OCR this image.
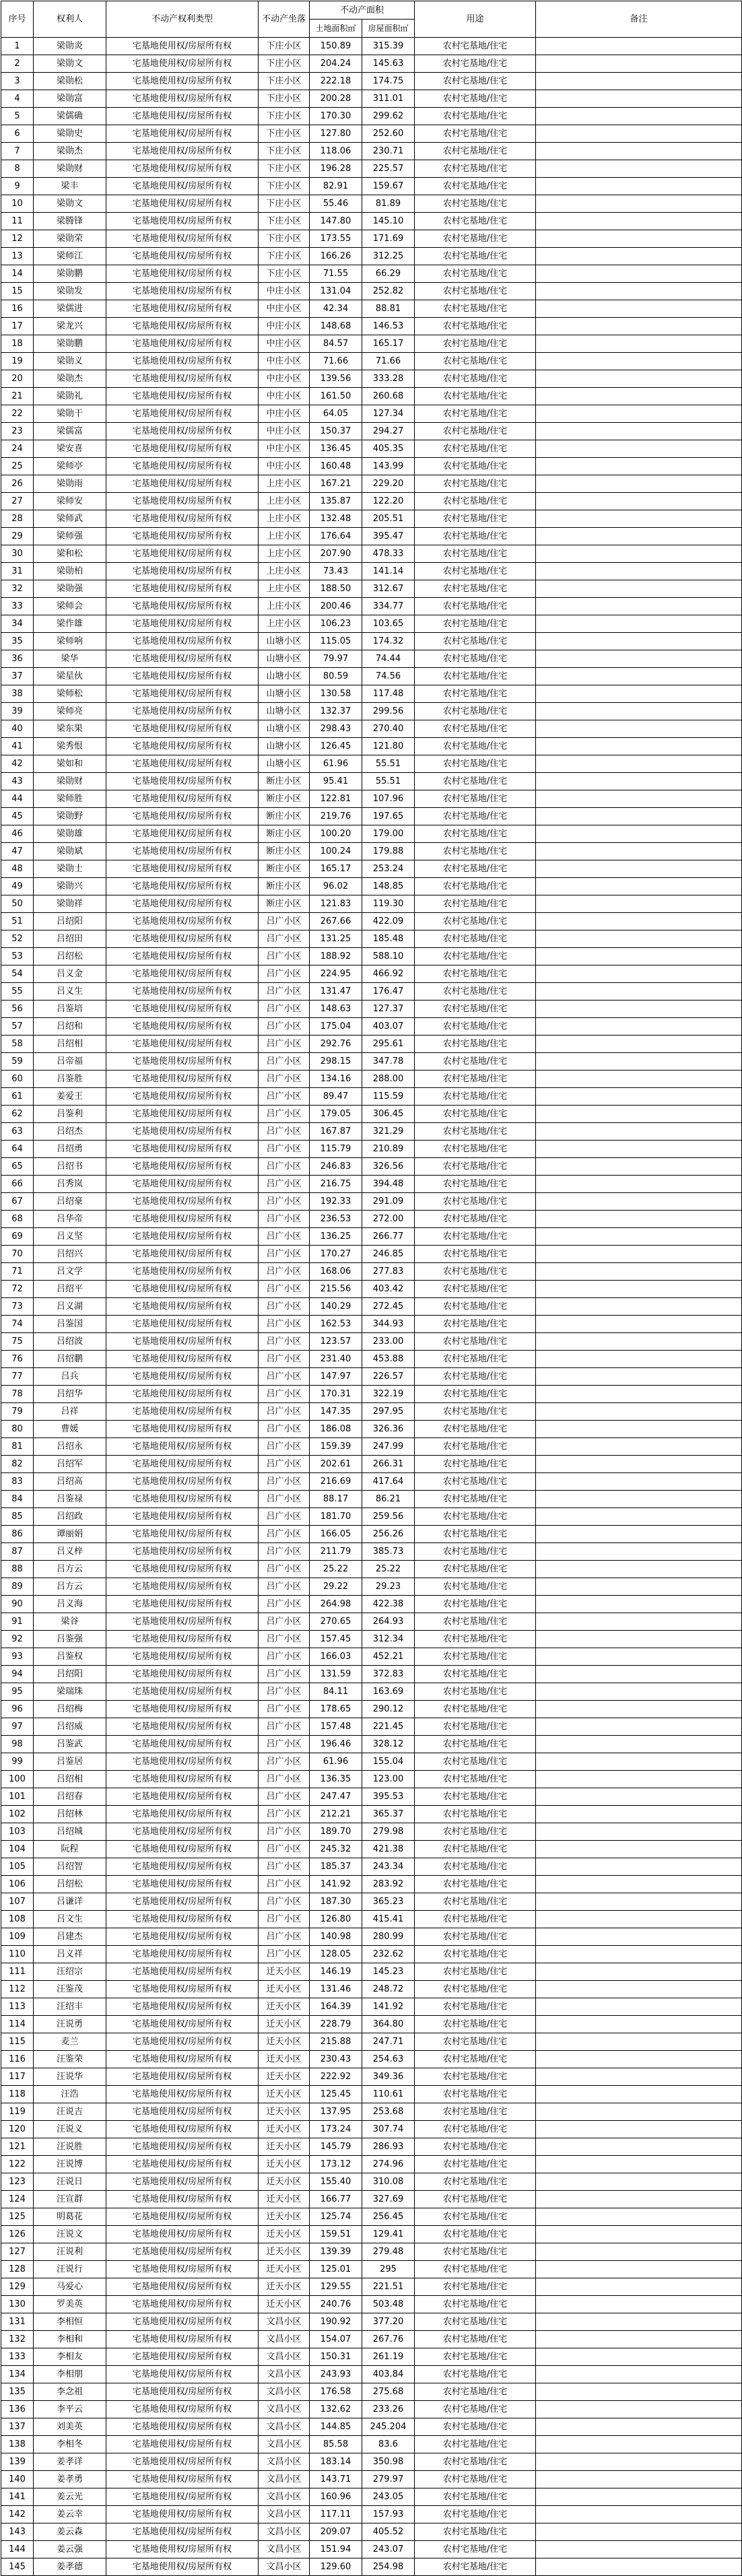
序号	权利人	不动产权利类型	不动产坐落	不动产面积		用途	备注
				土地面积㎡	房屋面积㎡		
1	梁勋炎	宅基地使用权/房屋所有权	下庄小区	150.89	315.39	农村宅基地/住宅	
2	梁勋文	宅基地使用权/房屋所有权	下庄小区	204.24	145.63	农村宅基地/住宅	
3	梁勋松	宅基地使用权/房屋所有权	下庄小区	222.18	174.75	农村宅基地/住宅	
4	梁勋富	宅基地使用权/房屋所有权	下庄小区	200.28	311.01	农村宅基地/住宅	
5	梁儒确	宅基地使用权/房屋所有权	下庄小区	170.30	299.62	农村宅基地/住宅	
6	梁勋史	宅基地使用权/房屋所有权	下庄小区	127.80	252.60	农村宅基地/住宅	
7	梁勋杰	宅基地使用权/房屋所有权	下庄小区	118.06	230.71	农村宅基地/住宅	
8	梁勋财	宅基地使用权/房屋所有权	下庄小区	196.28	225.57	农村宅基地/住宅	
9	梁丰	宅基地使用权/房屋所有权	下庄小区	82.91	159.67	农村宅基地/住宅	
10	梁勋文	宅基地使用权/房屋所有权	下庄小区	55.46	81.89	农村宅基地/住宅	
11	梁腾锋	宅基地使用权/房屋所有权	下庄小区	147.80	145.10	农村宅基地/住宅	
12	梁勋荣	宅基地使用权/房屋所有权	下庄小区	173.55	171.69	农村宅基地/住宅	
13	梁师江	宅基地使用权/房屋所有权	下庄小区	166.26	312.25	农村宅基地/住宅	
14	梁勋鹏	宅基地使用权/房屋所有权	下庄小区	71.55	66.29	农村宅基地/住宅	
15	梁勋发	宅基地使用权/房屋所有权	中庄小区	131.04	252.82	农村宅基地/住宅	
16	梁儒进	宅基地使用权/房屋所有权	中庄小区	42.34	88.81	农村宅基地/住宅	
17	梁龙兴	宅基地使用权/房屋所有权	中庄小区	148.68	146.53	农村宅基地/住宅	
18	梁勋鹏	宅基地使用权/房屋所有权	中庄小区	84.57	165.17	农村宅基地/住宅	
19	梁勋义	宅基地使用权/房屋所有权	中庄小区	71.66	71.66	农村宅基地/住宅	
20	梁勋杰	宅基地使用权/房屋所有权	中庄小区	139.56	333.28	农村宅基地/住宅	
21	梁勋礼	宅基地使用权/房屋所有权	中庄小区	161.50	260.68	农村宅基地/住宅	
22	梁勋干	宅基地使用权/房屋所有权	中庄小区	64.05	127.34	农村宅基地/住宅	
23	梁儒富	宅基地使用权/房屋所有权	中庄小区	150.37	294.27	农村宅基地/住宅	
24	梁安喜	宅基地使用权/房屋所有权	中庄小区	136.45	405.35	农村宅基地/住宅	
25	梁师亭	宅基地使用权/房屋所有权	中庄小区	160.48	143.99	农村宅基地/住宅	
26	梁勋雨	宅基地使用权/房屋所有权	上庄小区	167.21	229.20	农村宅基地/住宅	
27	梁师安	宅基地使用权/房屋所有权	上庄小区	135.87	122.20	农村宅基地/住宅	
28	梁师武	宅基地使用权/房屋所有权	上庄小区	132.48	205.51	农村宅基地/住宅	
29	梁师强	宅基地使用权/房屋所有权	上庄小区	176.64	395.47	农村宅基地/住宅	
30	梁和松	宅基地使用权/房屋所有权	上庄小区	207.90	478.33	农村宅基地/住宅	
31	梁勋柏	宅基地使用权/房屋所有权	上庄小区	73.43	141.14	农村宅基地/住宅	
32	梁勋强	宅基地使用权/房屋所有权	上庄小区	188.50	312.67	农村宅基地/住宅	
33	梁师会	宅基地使用权/房屋所有权	上庄小区	200.46	334.77	农村宅基地/住宅	
34	梁作雄	宅基地使用权/房屋所有权	上庄小区	106.23	103.65	农村宅基地/住宅	
35	梁师响	宅基地使用权/房屋所有权	山塘小区	115.05	174.32	农村宅基地/住宅	
36	梁华	宅基地使用权/房屋所有权	山塘小区	79.97	74.44	农村宅基地/住宅	
37	梁星伙	宅基地使用权/房屋所有权	山塘小区	80.59	74.56	农村宅基地/住宅	
38	梁师松	宅基地使用权/房屋所有权	山塘小区	130.58	117.48	农村宅基地/住宅	
39	梁师亮	宅基地使用权/房屋所有权	山塘小区	132.37	299.56	农村宅基地/住宅	
40	梁东果	宅基地使用权/房屋所有权	山塘小区	298.43	270.40	农村宅基地/住宅	
41	梁秀恨	宅基地使用权/房屋所有权	山塘小区	126.45	121.80	农村宅基地/住宅	
42	梁如和	宅基地使用权/房屋所有权	山塘小区	61.96	55.51	农村宅基地/住宅	
43	梁勋财	宅基地使用权/房屋所有权	断庄小区	95.41	55.51	农村宅基地/住宅	
44	梁师胜	宅基地使用权/房屋所有权	断庄小区	122.81	107.96	农村宅基地/住宅	
45	梁勋野	宅基地使用权/房屋所有权	断庄小区	219.76	197.65	农村宅基地/住宅	
46	梁勋雄	宅基地使用权/房屋所有权	断庄小区	100.20	179.00	农村宅基地/住宅	
47	梁勋斌	宅基地使用权/房屋所有权	断庄小区	100.24	179.88	农村宅基地/住宅	
48	梁勋士	宅基地使用权/房屋所有权	断庄小区	165.17	253.24	农村宅基地/住宅	
49	梁勋兴	宅基地使用权/房屋所有权	断庄小区	96.02	148.85	农村宅基地/住宅	
50	梁勋祥	宅基地使用权/房屋所有权	断庄小区	121.83	119.30	农村宅基地/住宅	
51	吕绍阳	宅基地使用权/房屋所有权	吕广小区	267.66	422.09	农村宅基地/住宅	
52	吕绍田	宅基地使用权/房屋所有权	吕广小区	131.25	185.48	农村宅基地/住宅	
53	吕绍松	宅基地使用权/房屋所有权	吕广小区	188.92	588.10	农村宅基地/住宅	
54	吕义金	宅基地使用权/房屋所有权	吕广小区	224.95	466.92	农村宅基地/住宅	
55	吕义生	宅基地使用权/房屋所有权	吕广小区	131.47	176.47	农村宅基地/住宅	
56	吕鉴培	宅基地使用权/房屋所有权	吕广小区	148.63	127.37	农村宅基地/住宅	
57	吕绍和	宅基地使用权/房屋所有权	吕广小区	175.04	403.07	农村宅基地/住宅	
58	吕绍相	宅基地使用权/房屋所有权	吕广小区	292.76	295.61	农村宅基地/住宅	
59	吕帝福	宅基地使用权/房屋所有权	吕广小区	298.15	347.78	农村宅基地/住宅	
60	吕鉴胜	宅基地使用权/房屋所有权	吕广小区	134.16	288.00	农村宅基地/住宅	
61	姜爱王	宅基地使用权/房屋所有权	吕广小区	89.47	115.59	农村宅基地/住宅	
62	吕鉴利	宅基地使用权/房屋所有权	吕广小区	179.05	306.45	农村宅基地/住宅	
63	吕绍杰	宅基地使用权/房屋所有权	吕广小区	167.87	321.29	农村宅基地/住宅	
64	吕绍勇	宅基地使用权/房屋所有权	吕广小区	115.79	210.89	农村宅基地/住宅	
65	吕绍书	宅基地使用权/房屋所有权	吕广小区	246.83	326.56	农村宅基地/住宅	
66	吕秀岚	宅基地使用权/房屋所有权	吕广小区	216.75	394.48	农村宅基地/住宅	
67	吕绍豪	宅基地使用权/房屋所有权	吕广小区	192.33	291.09	农村宅基地/住宅	
68	吕华帝	宅基地使用权/房屋所有权	吕广小区	236.53	272.00	农村宅基地/住宅	
69	吕义坚	宅基地使用权/房屋所有权	吕广小区	136.25	266.77	农村宅基地/住宅	
70	吕绍兴	宅基地使用权/房屋所有权	吕广小区	170.27	246.85	农村宅基地/住宅	
71	吕文学	宅基地使用权/房屋所有权	吕广小区	168.06	277.83	农村宅基地/住宅	
72	吕绍平	宅基地使用权/房屋所有权	吕广小区	215.56	403.42	农村宅基地/住宅	
73	吕义湖	宅基地使用权/房屋所有权	吕广小区	140.29	272.45	农村宅基地/住宅	
74	吕鉴国	宅基地使用权/房屋所有权	吕广小区	162.53	344.93	农村宅基地/住宅	
75	吕绍波	宅基地使用权/房屋所有权	吕广小区	123.57	233.00	农村宅基地/住宅	
76	吕绍鹏	宅基地使用权/房屋所有权	吕广小区	231.40	453.88	农村宅基地/住宅	
77	吕兵	宅基地使用权/房屋所有权	吕广小区	147.97	226.57	农村宅基地/住宅	
78	吕绍华	宅基地使用权/房屋所有权	吕广小区	170.31	322.19	农村宅基地/住宅	
79	吕祥	宅基地使用权/房屋所有权	吕广小区	147.35	297.95	农村宅基地/住宅	
80	曹媛	宅基地使用权/房屋所有权	吕广小区	186.08	326.36	农村宅基地/住宅	
81	吕绍永	宅基地使用权/房屋所有权	吕广小区	159.39	247.99	农村宅基地/住宅	
82	吕绍军	宅基地使用权/房屋所有权	吕广小区	202.61	266.31	农村宅基地/住宅	
83	吕绍高	宅基地使用权/房屋所有权	吕广小区	216.69	417.64	农村宅基地/住宅	
84	吕鉴禄	宅基地使用权/房屋所有权	吕广小区	88.17	86.21	农村宅基地/住宅	
85	吕绍政	宅基地使用权/房屋所有权	吕广小区	181.70	259.56	农村宅基地/住宅	
86	谭丽娟	宅基地使用权/房屋所有权	吕广小区	166.05	256.26	农村宅基地/住宅	
87	吕义梓	宅基地使用权/房屋所有权	吕广小区	211.79	385.73	农村宅基地/住宅	
88	吕方云	宅基地使用权/房屋所有权	吕广小区	25.22	25.22	农村宅基地/住宅	
89	吕方云	宅基地使用权/房屋所有权	吕广小区	29.22	29.23	农村宅基地/住宅	
90	吕义海	宅基地使用权/房屋所有权	吕广小区	264.98	422.38	农村宅基地/住宅	
91	梁谷	宅基地使用权/房屋所有权	吕广小区	270.65	264.93	农村宅基地/住宅	
92	吕鉴强	宅基地使用权/房屋所有权	吕广小区	157.45	312.34	农村宅基地/住宅	
93	吕鉴权	宅基地使用权/房屋所有权	吕广小区	166.03	452.21	农村宅基地/住宅	
94	吕绍阳	宅基地使用权/房屋所有权	吕广小区	131.59	372.83	农村宅基地/住宅	
95	梁瑞珠	宅基地使用权/房屋所有权	吕广小区	84.11	163.69	农村宅基地/住宅	
96	吕绍梅	宅基地使用权/房屋所有权	吕广小区	178.65	290.12	农村宅基地/住宅	
97	吕绍威	宅基地使用权/房屋所有权	吕广小区	157.48	221.45	农村宅基地/住宅	
98	吕鉴武	宅基地使用权/房屋所有权	吕广小区	196.46	328.12	农村宅基地/住宅	
99	吕鉴居	宅基地使用权/房屋所有权	吕广小区	61.96	155.04	农村宅基地/住宅	
100	吕绍相	宅基地使用权/房屋所有权	吕广小区	136.35	123.00	农村宅基地/住宅	
101	吕绍春	宅基地使用权/房屋所有权	吕广小区	247.47	395.53	农村宅基地/住宅	
102	吕绍林	宅基地使用权/房屋所有权	吕广小区	212.21	365.37	农村宅基地/住宅	
103	吕绍城	宅基地使用权/房屋所有权	吕广小区	189.70	279.98	农村宅基地/住宅	
104	阮程	宅基地使用权/房屋所有权	吕广小区	245.32	421.38	农村宅基地/住宅	
105	吕绍智	宅基地使用权/房屋所有权	吕广小区	185.37	243.34	农村宅基地/住宅	
106	吕绍松	宅基地使用权/房屋所有权	吕广小区	141.92	283.92	农村宅基地/住宅	
107	吕谦详	宅基地使用权/房屋所有权	吕广小区	187.30	365.23	农村宅基地/住宅	
108	吕文生	宅基地使用权/房屋所有权	吕广小区	126.80	415.41	农村宅基地/住宅	
109	吕建杰	宅基地使用权/房屋所有权	吕广小区	140.98	280.99	农村宅基地/住宅	
110	吕义祥	宅基地使用权/房屋所有权	吕广小区	128.05	232.62	农村宅基地/住宅	
111	汪绍宗	宅基地使用权/房屋所有权	迁天小区	146.19	145.23	农村宅基地/住宅	
112	汪鉴茂	宅基地使用权/房屋所有权	迁天小区	131.46	248.72	农村宅基地/住宅	
113	汪绍丰	宅基地使用权/房屋所有权	迁天小区	164.39	141.92	农村宅基地/住宅	
114	汪说勇	宅基地使用权/房屋所有权	迁天小区	228.79	364.80	农村宅基地/住宅	
115	麦兰	宅基地使用权/房屋所有权	迁天小区	215.88	247.71	农村宅基地/住宅	
116	汪鉴荣	宅基地使用权/房屋所有权	迁天小区	230.43	254.63	农村宅基地/住宅	
117	汪说华	宅基地使用权/房屋所有权	迁天小区	222.92	349.36	农村宅基地/住宅	
118	汪浩	宅基地使用权/房屋所有权	迁天小区	125.45	110.61	农村宅基地/住宅	
119	汪说吉	宅基地使用权/房屋所有权	迁天小区	137.95	253.68	农村宅基地/住宅	
120	汪说义	宅基地使用权/房屋所有权	迁天小区	173.24	307.74	农村宅基地/住宅	
121	汪说胜	宅基地使用权/房屋所有权	迁天小区	145.79	286.93	农村宅基地/住宅	
122	汪说博	宅基地使用权/房屋所有权	迁天小区	173.12	274.96	农村宅基地/住宅	
123	汪说日	宅基地使用权/房屋所有权	迁天小区	155.40	310.08	农村宅基地/住宅	
124	汪宣群	宅基地使用权/房屋所有权	迁天小区	166.77	327.69	农村宅基地/住宅	
125	明葛花	宅基地使用权/房屋所有权	迁天小区	125.74	256.45	农村宅基地/住宅	
126	汪说文	宅基地使用权/房屋所有权	迁天小区	159.51	129.41	农村宅基地/住宅	
127	汪说利	宅基地使用权/房屋所有权	迁天小区	139.39	279.48	农村宅基地/住宅	
128	汪说行	宅基地使用权/房屋所有权	迁天小区	125.01	295	农村宅基地/住宅	
129	马爱心	宅基地使用权/房屋所有权	迁天小区	129.55	221.51	农村宅基地/住宅	
130	罗美英	宅基地使用权/房屋所有权	迁天小区	240.76	503.48	农村宅基地/住宅	
131	李相恒	宅基地使用权/房屋所有权	文昌小区	190.92	377.20	农村宅基地/住宅	
132	李相和	宅基地使用权/房屋所有权	文昌小区	154.07	267.76	农村宅基地/住宅	
133	李相友	宅基地使用权/房屋所有权	文昌小区	150.31	261.19	农村宅基地/住宅	
134	李相朋	宅基地使用权/房屋所有权	文昌小区	243.93	403.84	农村宅基地/住宅	
135	李念祖	宅基地使用权/房屋所有权	文昌小区	176.58	275.68	农村宅基地/住宅	
136	李平云	宅基地使用权/房屋所有权	文昌小区	132.62	233.26	农村宅基地/住宅	
137	刘美英	宅基地使用权/房屋所有权	文昌小区	144.85	245.204	农村宅基地/住宅	
138	李相冬	宅基地使用权/房屋所有权	文昌小区	85.58	83.6	农村宅基地/住宅	
139	姜孝详	宅基地使用权/房屋所有权	文昌小区	183.14	350.98	农村宅基地/住宅	
140	姜孝勇	宅基地使用权/房屋所有权	文昌小区	143.71	279.97	农村宅基地/住宅	
141	姜云光	宅基地使用权/房屋所有权	文昌小区	160.96	243.05	农村宅基地/住宅	
142	姜云幸	宅基地使用权/房屋所有权	文昌小区	117.11	157.93	农村宅基地/住宅	
143	姜云森	宅基地使用权/房屋所有权	文昌小区	209.07	405.52	农村宅基地/住宅	
144	姜云强	宅基地使用权/房屋所有权	文昌小区	151.94	243.07	农村宅基地/住宅	
145	姜孝德	宅基地使用权/房屋所有权	文昌小区	129.60	254.98	农村宅基地/住宅	
